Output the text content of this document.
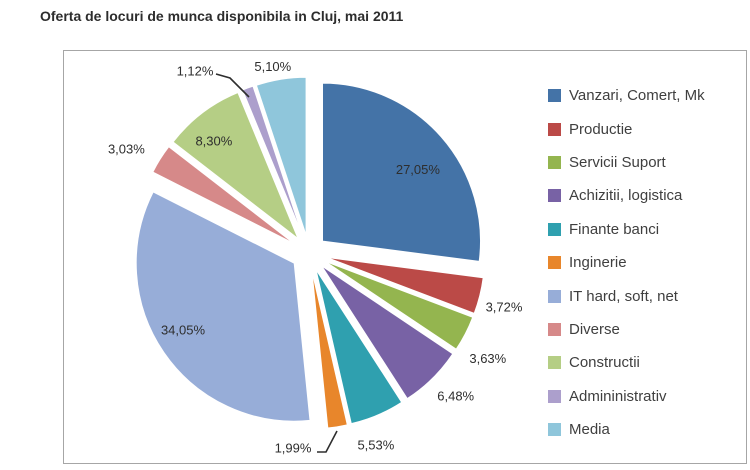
Oferta de locuri de munca disponibila in Cluj, mai 2011
27,05%
3,72%
3,63%
6,48%
5,53%
1,99%
34,05%
3,03%
8,30%
1,12%	5,10%
Vanzari, Comert, Mk
Productie
Servicii Suport
Achizitii, logistica
Finante banci
Inginerie
IT hard, soft, net
Diverse
Constructii
Admininistrativ
Media
